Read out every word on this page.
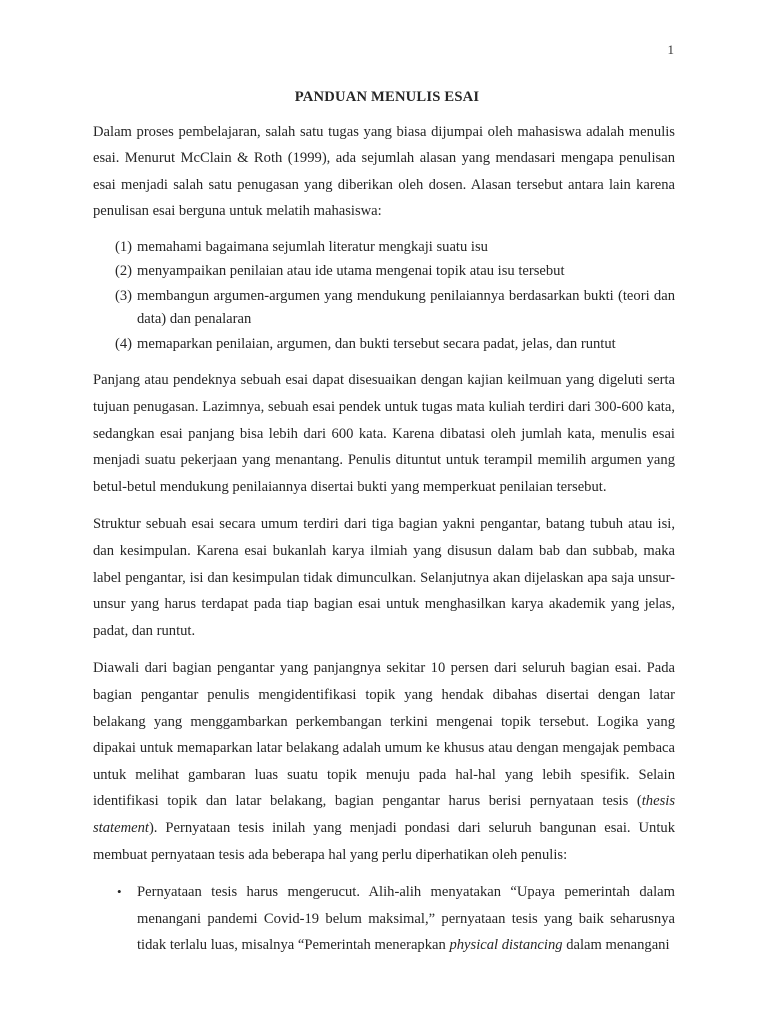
1
PANDUAN MENULIS ESAI

Dalam proses pembelajaran, salah satu tugas yang biasa dijumpai oleh mahasiswa adalah menulis esai. Menurut McClain & Roth (1999), ada sejumlah alasan yang mendasari mengapa penulisan esai menjadi salah satu penugasan yang diberikan oleh dosen. Alasan tersebut antara lain karena penulisan esai berguna untuk melatih mahasiswa:

(1) memahami bagaimana sejumlah literatur mengkaji suatu isu
(2) menyampaikan penilaian atau ide utama mengenai topik atau isu tersebut
(3) membangun argumen-argumen yang mendukung penilaiannya berdasarkan bukti (teori dan data) dan penalaran
(4) memaparkan penilaian, argumen, dan bukti tersebut secara padat, jelas, dan runtut

Panjang atau pendeknya sebuah esai dapat disesuaikan dengan kajian keilmuan yang digeluti serta tujuan penugasan. Lazimnya, sebuah esai pendek untuk tugas mata kuliah terdiri dari 300-600 kata, sedangkan esai panjang bisa lebih dari 600 kata. Karena dibatasi oleh jumlah kata, menulis esai menjadi suatu pekerjaan yang menantang. Penulis dituntut untuk terampil memilih argumen yang betul-betul mendukung penilaiannya disertai bukti yang memperkuat penilaian tersebut.

Struktur sebuah esai secara umum terdiri dari tiga bagian yakni pengantar, batang tubuh atau isi, dan kesimpulan. Karena esai bukanlah karya ilmiah yang disusun dalam bab dan subbab, maka label pengantar, isi dan kesimpulan tidak dimunculkan. Selanjutnya akan dijelaskan apa saja unsur-unsur yang harus terdapat pada tiap bagian esai untuk menghasilkan karya akademik yang jelas, padat, dan runtut.

Diawali dari bagian pengantar yang panjangnya sekitar 10 persen dari seluruh bagian esai. Pada bagian pengantar penulis mengidentifikasi topik yang hendak dibahas disertai dengan latar belakang yang menggambarkan perkembangan terkini mengenai topik tersebut. Logika yang dipakai untuk memaparkan latar belakang adalah umum ke khusus atau dengan mengajak pembaca untuk melihat gambaran luas suatu topik menuju pada hal-hal yang lebih spesifik. Selain identifikasi topik dan latar belakang, bagian pengantar harus berisi pernyataan tesis (thesis statement). Pernyataan tesis inilah yang menjadi pondasi dari seluruh bangunan esai. Untuk membuat pernyataan tesis ada beberapa hal yang perlu diperhatikan oleh penulis:

• Pernyataan tesis harus mengerucut. Alih-alih menyatakan “Upaya pemerintah dalam menangani pandemi Covid-19 belum maksimal,” pernyataan tesis yang baik seharusnya tidak terlalu luas, misalnya “Pemerintah menerapkan physical distancing dalam menangani
